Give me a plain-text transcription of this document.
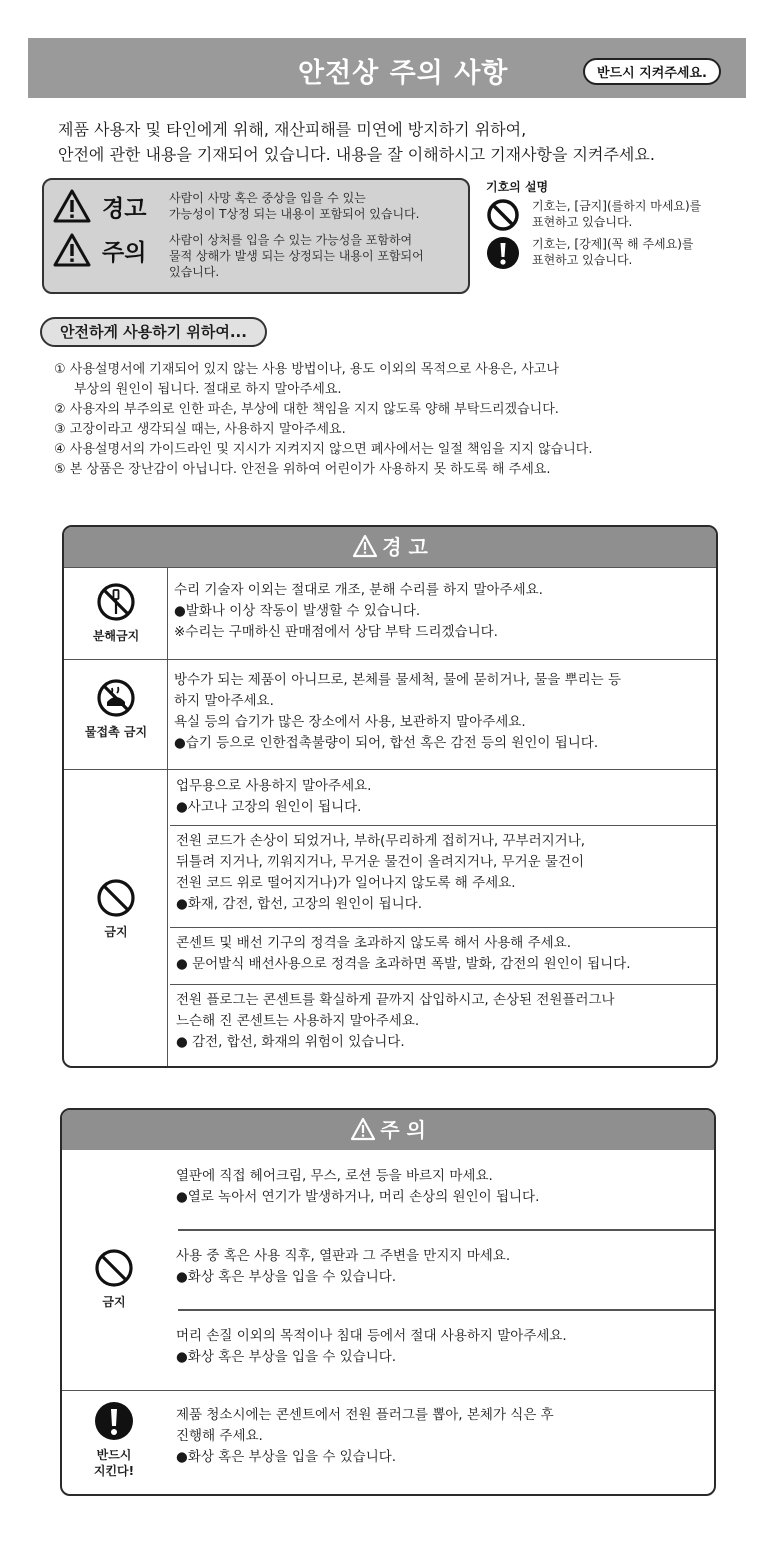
안전상 주의 사항	반드시 지켜주세요.
제품 사용자 및 타인에게 위해, 재산피해를 미연에 방지하기 위하여,
안전에 관한 내용을 기재되어 있습니다. 내용을 잘 이해하시고 기재사항을 지켜주세요.
경고 사람이 사망 혹은 중상을 입을 수 있는
가능성이 T상정 되는 내용이 포함되어 있습니다.
주의 사람이 상처를 입을 수 있는 가능성을 포함하여
물적 상해가 발생 되는 상정되는 내용이 포함되어
있습니다.
기호의 설명
기호는, [금지](를하지 마세요)를
표현하고 있습니다.
기호는, [강제](꼭 해 주세요)를
표현하고 있습니다.
안전하게 사용하기 위하여...
① 사용설명서에 기재되어 있지 않는 사용 방법이나, 용도 이외의 목적으로 사용은, 사고나
부상의 원인이 됩니다. 절대로 하지 말아주세요.
② 사용자의 부주의로 인한 파손, 부상에 대한 책임을 지지 않도록 양해 부탁드리겠습니다.
③ 고장이라고 생각되실 때는, 사용하지 말아주세요.
④ 사용설명서의 가이드라인 및 지시가 지켜지지 않으면 폐사에서는 일절 책임을 지지 않습니다.
⑤ 본 상품은 장난감이 아닙니다. 안전을 위하여 어린이가 사용하지 못 하도록 해 주세요.
경 고
분해금지
수리 기술자 이외는 절대로 개조, 분해 수리를 하지 말아주세요.
●발화나 이상 작동이 발생할 수 있습니다.
※수리는 구매하신 판매점에서 상담 부탁 드리겠습니다.
물접촉 금지
방수가 되는 제품이 아니므로, 본체를 물세척, 물에 묻히거나, 물을 뿌리는 등
하지 말아주세요.
욕실 등의 습기가 많은 장소에서 사용, 보관하지 말아주세요.
●습기 등으로 인한접촉불량이 되어, 합선 혹은 감전 등의 원인이 됩니다.
금지
업무용으로 사용하지 말아주세요.
●사고나 고장의 원인이 됩니다.
전원 코드가 손상이 되었거나, 부하(무리하게 접히거나, 꾸부러지거나,
뒤틀려 지거나, 끼워지거나, 무거운 물건이 올려지거나, 무거운 물건이
전원 코드 위로 떨어지거나)가 일어나지 않도록 해 주세요.
●화재, 감전, 합선, 고장의 원인이 됩니다.
콘센트 및 배선 기구의 정격을 초과하지 않도록 해서 사용해 주세요.
● 문어발식 배선사용으로 정격을 초과하면 폭발, 발화, 감전의 원인이 됩니다.
전원 플로그는 콘센트를 확실하게 끝까지 삽입하시고, 손상된 전원플러그나
느슨해 진 콘센트는 사용하지 말아주세요.
● 감전, 합선, 화재의 위험이 있습니다.
주 의
금지
열판에 직접 헤어크림, 무스, 로션 등을 바르지 마세요.
●열로 녹아서 연기가 발생하거나, 머리 손상의 원인이 됩니다.
사용 중 혹은 사용 직후, 열판과 그 주변을 만지지 마세요.
●화상 혹은 부상을 입을 수 있습니다.
머리 손질 이외의 목적이나 침대 등에서 절대 사용하지 말아주세요.
●화상 혹은 부상을 입을 수 있습니다.
반드시
지킨다!
제품 청소시에는 콘센트에서 전원 플러그를 뽑아, 본체가 식은 후
진행해 주세요.
●화상 혹은 부상을 입을 수 있습니다.
